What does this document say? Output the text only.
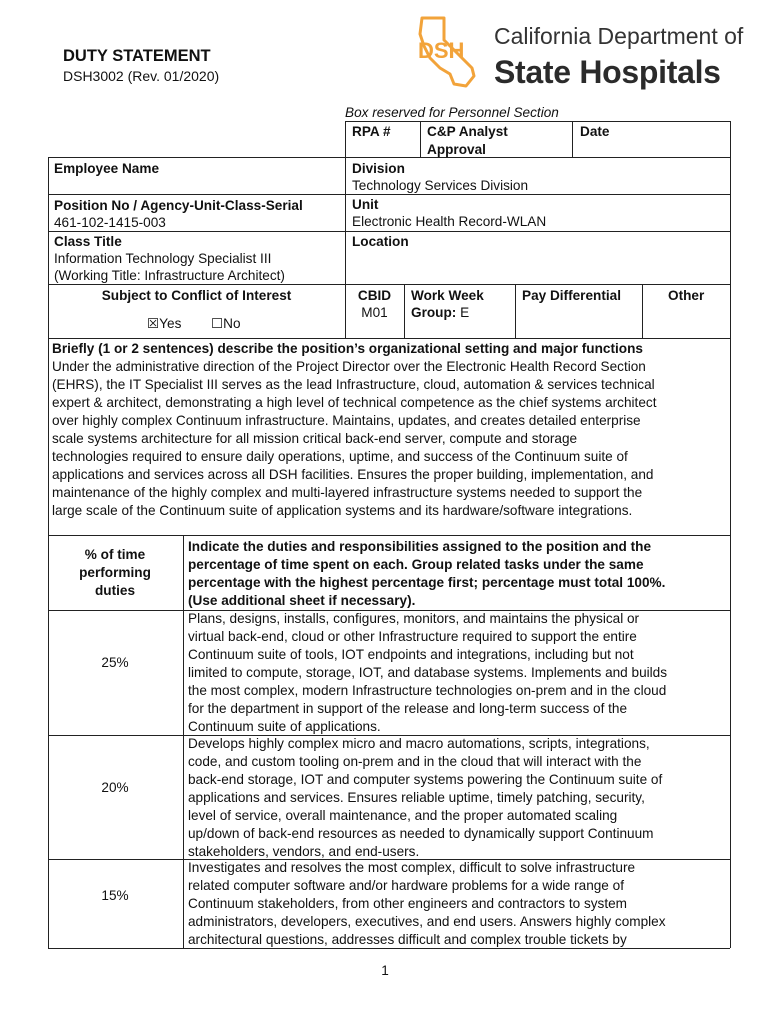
DUTY STATEMENT
DSH3002 (Rev. 01/2020)
DSH
California Department of
State Hospitals
Box reserved for Personnel Section
RPA #	C&P Analyst
Approval
Date
Employee Name
Position No / Agency-Unit-Class-Serial
461-102-1415-003
Class Title
Information Technology Specialist III
(Working Title: Infrastructure Architect)
Subject to Conflict of Interest
☒Yes ☐No
Division
Technology Services Division
Unit
Electronic Health Record-WLAN
Location
CBID
M01
Work Week
Group: E
Pay Differential	Other
Briefly (1 or 2 sentences) describe the position’s organizational setting and major functions
Under the administrative direction of the Project Director over the Electronic Health Record Section
(EHRS), the IT Specialist III serves as the lead Infrastructure, cloud, automation & services technical
expert & architect, demonstrating a high level of technical competence as the chief systems architect
over highly complex Continuum infrastructure. Maintains, updates, and creates detailed enterprise
scale systems architecture for all mission critical back-end server, compute and storage
technologies required to ensure daily operations, uptime, and success of the Continuum suite of
applications and services across all DSH facilities. Ensures the proper building, implementation, and
maintenance of the highly complex and multi-layered infrastructure systems needed to support the
large scale of the Continuum suite of application systems and its hardware/software integrations.
% of time
performing
duties
Indicate the duties and responsibilities assigned to the position and the
percentage of time spent on each. Group related tasks under the same
percentage with the highest percentage first; percentage must total 100%.
(Use additional sheet if necessary).
25%
Plans, designs, installs, configures, monitors, and maintains the physical or
virtual back-end, cloud or other Infrastructure required to support the entire
Continuum suite of tools, IOT endpoints and integrations, including but not
limited to compute, storage, IOT, and database systems. Implements and builds
the most complex, modern Infrastructure technologies on-prem and in the cloud
for the department in support of the release and long-term success of the
Continuum suite of applications.
20%
Develops highly complex micro and macro automations, scripts, integrations,
code, and custom tooling on-prem and in the cloud that will interact with the
back-end storage, IOT and computer systems powering the Continuum suite of
applications and services. Ensures reliable uptime, timely patching, security,
level of service, overall maintenance, and the proper automated scaling
up/down of back-end resources as needed to dynamically support Continuum
stakeholders, vendors, and end-users.
15%
Investigates and resolves the most complex, difficult to solve infrastructure
related computer software and/or hardware problems for a wide range of
Continuum stakeholders, from other engineers and contractors to system
administrators, developers, executives, and end users. Answers highly complex
architectural questions, addresses difficult and complex trouble tickets by
1
